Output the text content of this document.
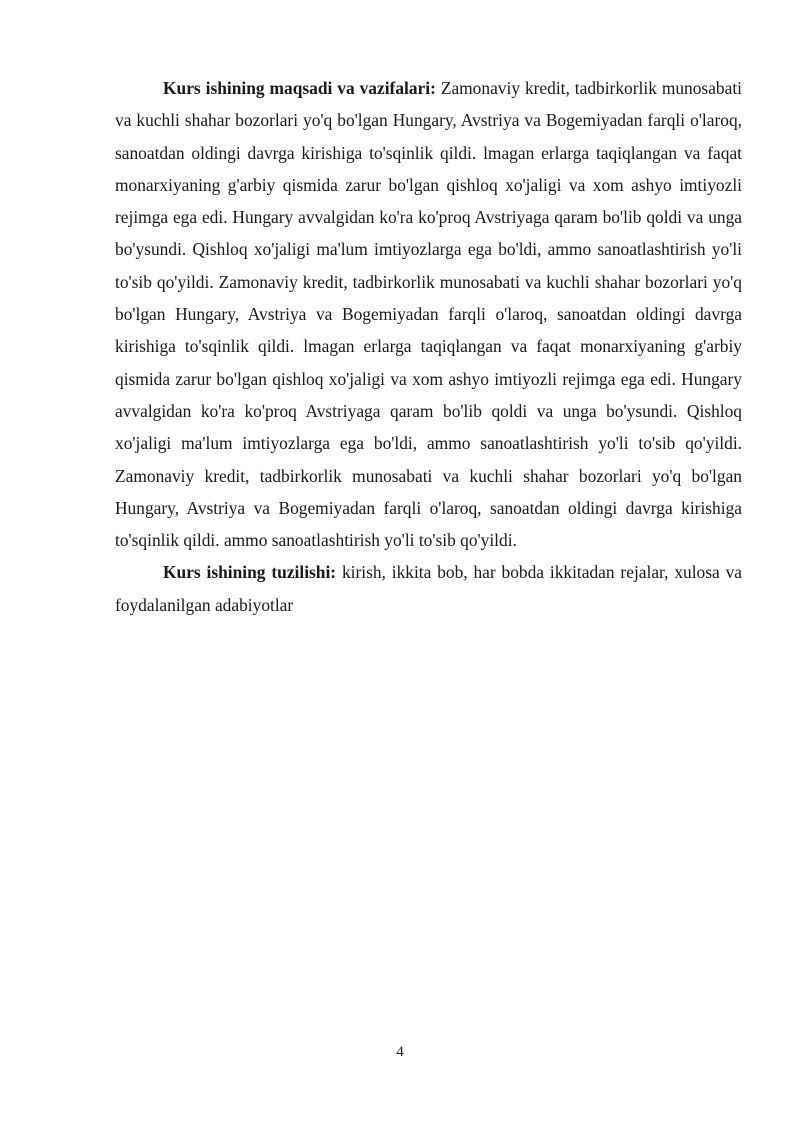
Kurs ishining maqsadi va vazifalari: Zamonaviy kredit, tadbirkorlik munosabati va kuchli shahar bozorlari yo'q bo'lgan Hungary, Avstriya va Bogemiyadan farqli o'laroq, sanoatdan oldingi davrga kirishiga to'sqinlik qildi. lmagan erlarga taqiqlangan va faqat monarxiyaning g'arbiy qismida zarur bo'lgan qishloq xo'jaligi va xom ashyo imtiyozli rejimga ega edi. Hungary avvalgidan ko'ra ko'proq Avstriyaga qaram bo'lib qoldi va unga bo'ysundi. Qishloq xo'jaligi ma'lum imtiyozlarga ega bo'ldi, ammo sanoatlashtirish yo'li to'sib qo'yildi. Zamonaviy kredit, tadbirkorlik munosabati va kuchli shahar bozorlari yo'q bo'lgan Hungary, Avstriya va Bogemiyadan farqli o'laroq, sanoatdan oldingi davrga kirishiga to'sqinlik qildi. lmagan erlarga taqiqlangan va faqat monarxiyaning g'arbiy qismida zarur bo'lgan qishloq xo'jaligi va xom ashyo imtiyozli rejimga ega edi. Hungary avvalgidan ko'ra ko'proq Avstriyaga qaram bo'lib qoldi va unga bo'ysundi. Qishloq xo'jaligi ma'lum imtiyozlarga ega bo'ldi, ammo sanoatlashtirish yo'li to'sib qo'yildi. Zamonaviy kredit, tadbirkorlik munosabati va kuchli shahar bozorlari yo'q bo'lgan Hungary, Avstriya va Bogemiyadan farqli o'laroq, sanoatdan oldingi davrga kirishiga to'sqinlik qildi. ammo sanoatlashtirish yo'li to'sib qo'yildi.

Kurs ishining tuzilishi: kirish, ikkita bob, har bobda ikkitadan rejalar, xulosa va foydalanilgan adabiyotlar

4
